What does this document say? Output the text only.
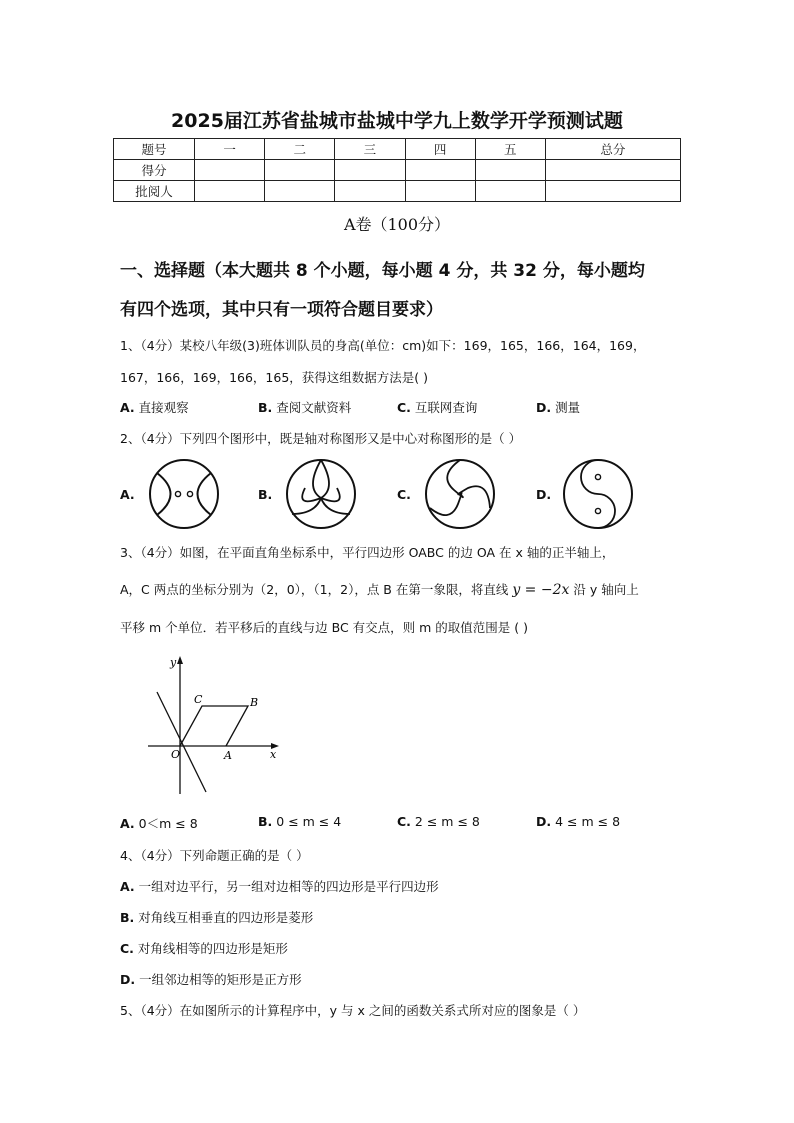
2025届江苏省盐城市盐城中学九上数学开学预测试题
题号	一	二	三	四	五	总分
得分						
批阅人						
A卷（100分）
一、选择题（本大题共 8 个小题，每小题 4 分，共 32 分，每小题均
有四个选项，其中只有一项符合题目要求）
1、（4分）某校八年级(3)班体训队员的身高(单位：cm)如下：169，165，166，164，169，
167，166，169，166，165，获得这组数据方法是( )
A. 直接观察	B. 查阅文献资料	C. 互联网查询	D. 测量
2、（4分）下列四个图形中，既是轴对称图形又是中心对称图形的是（ ）
A.	B.	C.	D.
3、（4分）如图，在平面直角坐标系中，平行四边形 OABC 的边 OA 在 x 轴的正半轴上，
A，C 两点的坐标分别为（2，0），（1，2），点 B 在第一象限，将直线 y = −2x 沿 y 轴向上
平移 m 个单位．若平移后的直线与边 BC 有交点，则 m 的取值范围是 ( )
y
x
O	A
B
C
A. 0＜m ≤ 8	B. 0 ≤ m ≤ 4	C. 2 ≤ m ≤ 8	D. 4 ≤ m ≤ 8
4、（4分）下列命题正确的是（ ）
A. 一组对边平行，另一组对边相等的四边形是平行四边形
B. 对角线互相垂直的四边形是菱形
C. 对角线相等的四边形是矩形
D. 一组邻边相等的矩形是正方形
5、（4分）在如图所示的计算程序中，y 与 x 之间的函数关系式所对应的图象是（ ）
